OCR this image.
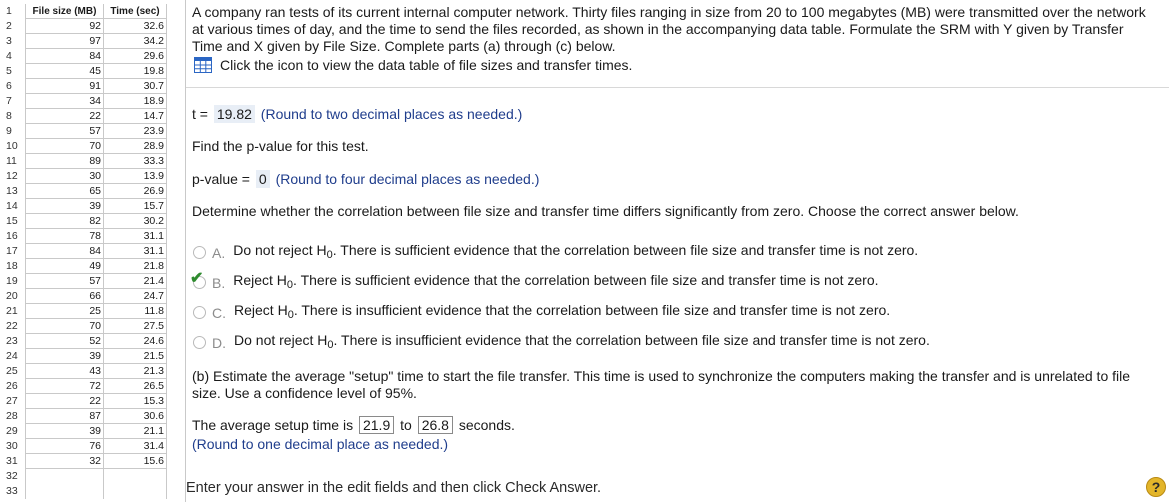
1	File size (MB)	Time (sec)
2	92	32.6
3	97	34.2
4	84	29.6
5	45	19.8
6	91	30.7
7	34	18.9
8	22	14.7
9	57	23.9
10	70	28.9
11	89	33.3
12	30	13.9
13	65	26.9
14	39	15.7
15	82	30.2
16	78	31.1
17	84	31.1
18	49	21.8
19	57	21.4
20	66	24.7
21	25	11.8
22	70	27.5
23	52	24.6
24	39	21.5
25	43	21.3
26	72	26.5
27	22	15.3
28	87	30.6
29	39	21.1
30	76	31.4
31	32	15.6
32
33
A company ran tests of its current internal computer network. Thirty files ranging in size from 20 to 100 megabytes (MB) were transmitted over the network at various times of day, and the time to send the files recorded, as shown in the accompanying data table. Formulate the SRM with Y given by Transfer Time and X given by File Size. Complete parts (a) through (c) below.
Click the icon to view the data table of file sizes and transfer times.
t = 19.82 (Round to two decimal places as needed.)
Find the p-value for this test.
p-value = 0 (Round to four decimal places as needed.)
Determine whether the correlation between file size and transfer time differs significantly from zero. Choose the correct answer below.
A. Do not reject $H_0$. There is sufficient evidence that the correlation between file size and transfer time is not zero.
✔ B. Reject $H_0$. There is sufficient evidence that the correlation between file size and transfer time is not zero.
C. Reject $H_0$. There is insufficient evidence that the correlation between file size and transfer time is not zero.
D. Do not reject $H_0$. There is insufficient evidence that the correlation between file size and transfer time is not zero.
(b) Estimate the average "setup" time to start the file transfer. This time is used to synchronize the computers making the transfer and is unrelated to file size. Use a confidence level of 95%.
The average setup time is 21.9 to 26.8 seconds.
(Round to one decimal place as needed.)
Enter your answer in the edit fields and then click Check Answer.	?
